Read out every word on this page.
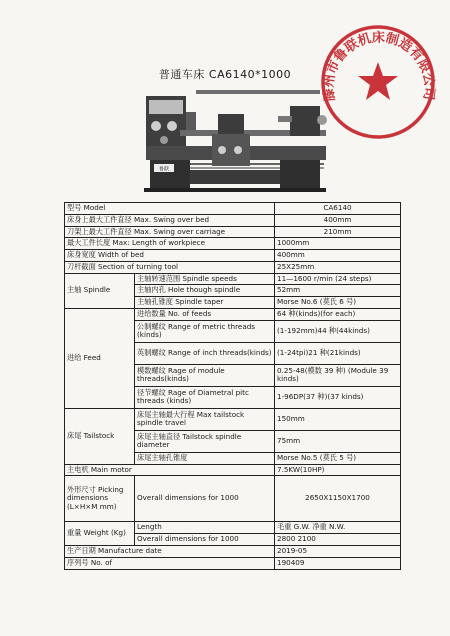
普通车床 CA6140*1000
鲁联
滕州市鲁联机床制造有限公司
型号 Model		CA6140
床身上最大工件直径 Max. Swing over bed		400mm
刀架上最大工件直径 Max. Swing over carriage		210mm
最大工件长度 Max: Length of workpiece		1000mm
床身宽度 Width of bed		400mm
刀杆截面 Section of turning tool		25X25mm
主轴 Spindle	主轴转速范围 Spindle speeds	11—1600 r/min (24 steps)
	主轴内孔 Hole though spindle	52mm
	主轴孔锥度 Spindle taper	Morse No.6 (莫氏 6 号)
进给 Feed	进给数量 No. of feeds	64 种(kinds)(for each)
	公制螺纹 Range of metric threads (kinds)	(1-192mm)44 种(44kinds)
	英制螺纹 Range of inch threads(kinds)	(1-24tpi)21 种(21kinds)
	模数螺纹 Rage of module threads(kinds)	0.25-48(模数 39 种) (Module 39 kinds)
	径节螺纹 Rage of Diametral pitc threads (kinds)	1-96DP(37 种)(37 kinds)
床尾 Tailstock	床尾主轴最大行程 Max tailstock spindle travel	150mm
	床尾主轴直径 Tailstock spindle diameter	75mm
	床尾主轴孔锥度	Morse No.5 (莫氏 5 号)
主电机 Main motor		7.5KW(10HP)
外形尺寸 Picking dimensions (L×H×M mm)	Overall dimensions for 1000	2650X1150X1700
重量 Weight (Kg)	Length	毛重 G.W. 净重 N.W.
	Overall dimensions for 1000	2800 2100
生产日期 Manufacture date		2019-05
序列号 No. of		190409
